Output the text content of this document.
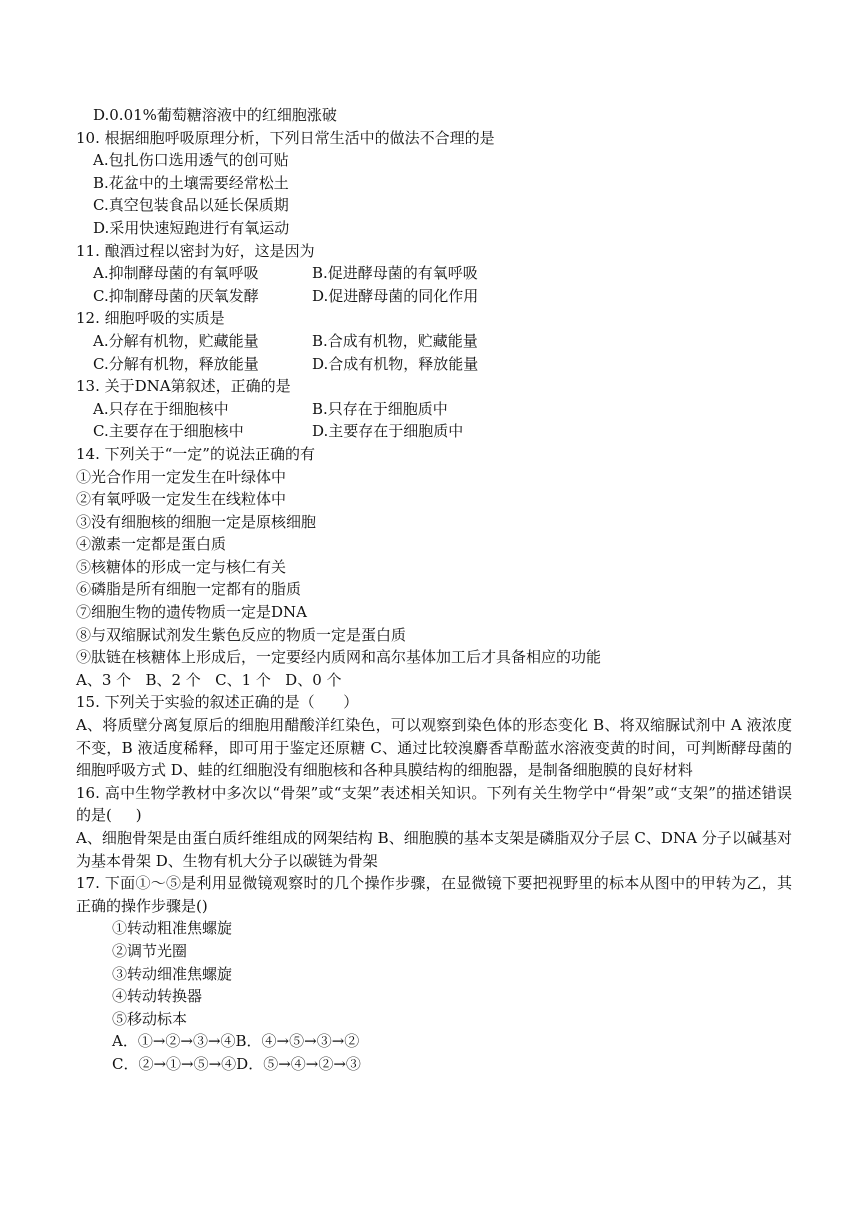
D.0.01%葡萄糖溶液中的红细胞涨破
10. 根据细胞呼吸原理分析，下列日常生活中的做法不合理的是
A.包扎伤口选用透气的创可贴
B.花盆中的土壤需要经常松土
C.真空包装食品以延长保质期
D.采用快速短跑进行有氧运动
11. 酿酒过程以密封为好，这是因为
A.抑制酵母菌的有氧呼吸	B.促进酵母菌的有氧呼吸
C.抑制酵母菌的厌氧发酵	D.促进酵母菌的同化作用
12. 细胞呼吸的实质是
A.分解有机物，贮藏能量	B.合成有机物，贮藏能量
C.分解有机物，释放能量	D.合成有机物，释放能量
13. 关于DNA第叙述，正确的是
A.只存在于细胞核中	B.只存在于细胞质中
C.主要存在于细胞核中	D.主要存在于细胞质中
14. 下列关于“一定”的说法正确的有
①光合作用一定发生在叶绿体中
②有氧呼吸一定发生在线粒体中
③没有细胞核的细胞一定是原核细胞
④激素一定都是蛋白质
⑤核糖体的形成一定与核仁有关
⑥磷脂是所有细胞一定都有的脂质
⑦细胞生物的遗传物质一定是DNA
⑧与双缩脲试剂发生紫色反应的物质一定是蛋白质
⑨肽链在核糖体上形成后，一定要经内质网和高尔基体加工后才具备相应的功能
A、3 个   B、2 个   C、1 个   D、0 个
15. 下列关于实验的叙述正确的是（      ）
A、将质壁分离复原后的细胞用醋酸洋红染色，可以观察到染色体的形态变化 B、将双缩脲试剂中 A 液浓度不变，B 液适度稀释，即可用于鉴定还原糖 C、通过比较溴麝香草酚蓝水溶液变黄的时间，可判断酵母菌的细胞呼吸方式 D、蛙的红细胞没有细胞核和各种具膜结构的细胞器，是制备细胞膜的良好材料
16. 高中生物学教材中多次以“骨架”或“支架”表述相关知识。下列有关生物学中“骨架”或“支架”的描述错误的是(     )
A、细胞骨架是由蛋白质纤维组成的网架结构 B、细胞膜的基本支架是磷脂双分子层 C、DNA 分子以碱基对为基本骨架 D、生物有机大分子以碳链为骨架
17. 下面①～⑤是利用显微镜观察时的几个操作步骤，在显微镜下要把视野里的标本从图中的甲转为乙，其正确的操作步骤是()
①转动粗准焦螺旋
②调节光圈
③转动细准焦螺旋
④转动转换器
⑤移动标本
A．①→②→③→④B．④→⑤→③→②
C．②→①→⑤→④D．⑤→④→②→③
